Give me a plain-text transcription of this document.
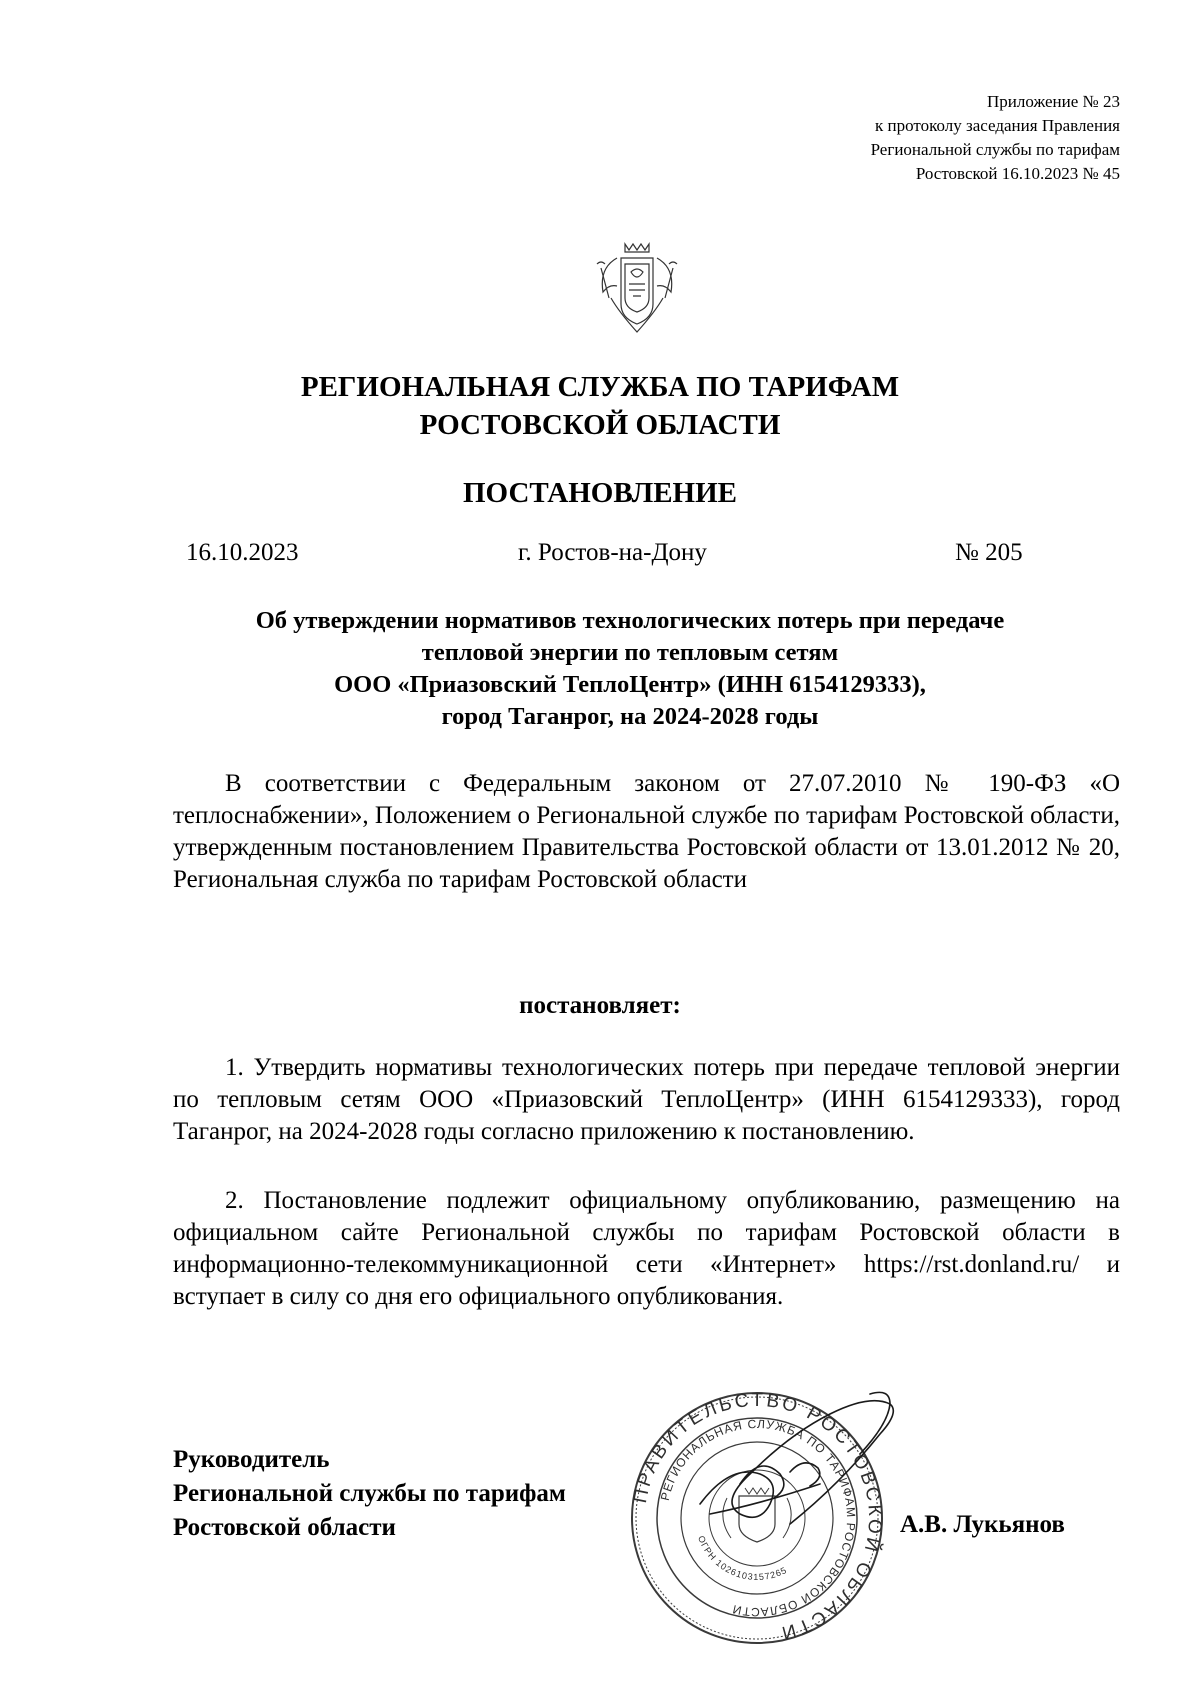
Приложение № 23
к протоколу заседания Правления
Региональной службы по тарифам
Ростовской 16.10.2023 № 45
РЕГИОНАЛЬНАЯ СЛУЖБА ПО ТАРИФАМ
РОСТОВСКОЙ ОБЛАСТИ
ПОСТАНОВЛЕНИЕ
16.10.2023	г. Ростов-на-Дону	№ 205
Об утверждении нормативов технологических потерь при передаче
тепловой энергии по тепловым сетям
ООО «Приазовский ТеплоЦентр» (ИНН 6154129333),
город Таганрог, на 2024-2028 годы
В соответствии с Федеральным законом от 27.07.2010 № 190-ФЗ «О теплоснабжении», Положением о Региональной службе по тарифам Ростовской области, утвержденным постановлением Правительства Ростовской области от 13.01.2012 № 20, Региональная служба по тарифам Ростовской области
постановляет:
1. Утвердить нормативы технологических потерь при передаче тепловой энергии по тепловым сетям ООО «Приазовский ТеплоЦентр» (ИНН 6154129333), город Таганрог, на 2024-2028 годы согласно приложению к постановлению.
2. Постановление подлежит официальному опубликованию, размещению на официальном сайте Региональной службы по тарифам Ростовской области в информационно-телекоммуникационной сети «Интернет» https://rst.donland.ru/ и вступает в силу со дня его официального опубликования.
Руководитель
Региональной службы по тарифам
Ростовской области
ПРАВИТЕЛЬСТВО РОСТОВСКОЙ ОБЛАСТИ
РЕГИОНАЛЬНАЯ СЛУЖБА ПО ТАРИФАМ РОСТОВСКОЙ ОБЛАСТИ
ОГРН 1026103157265
А.В. Лукьянов
